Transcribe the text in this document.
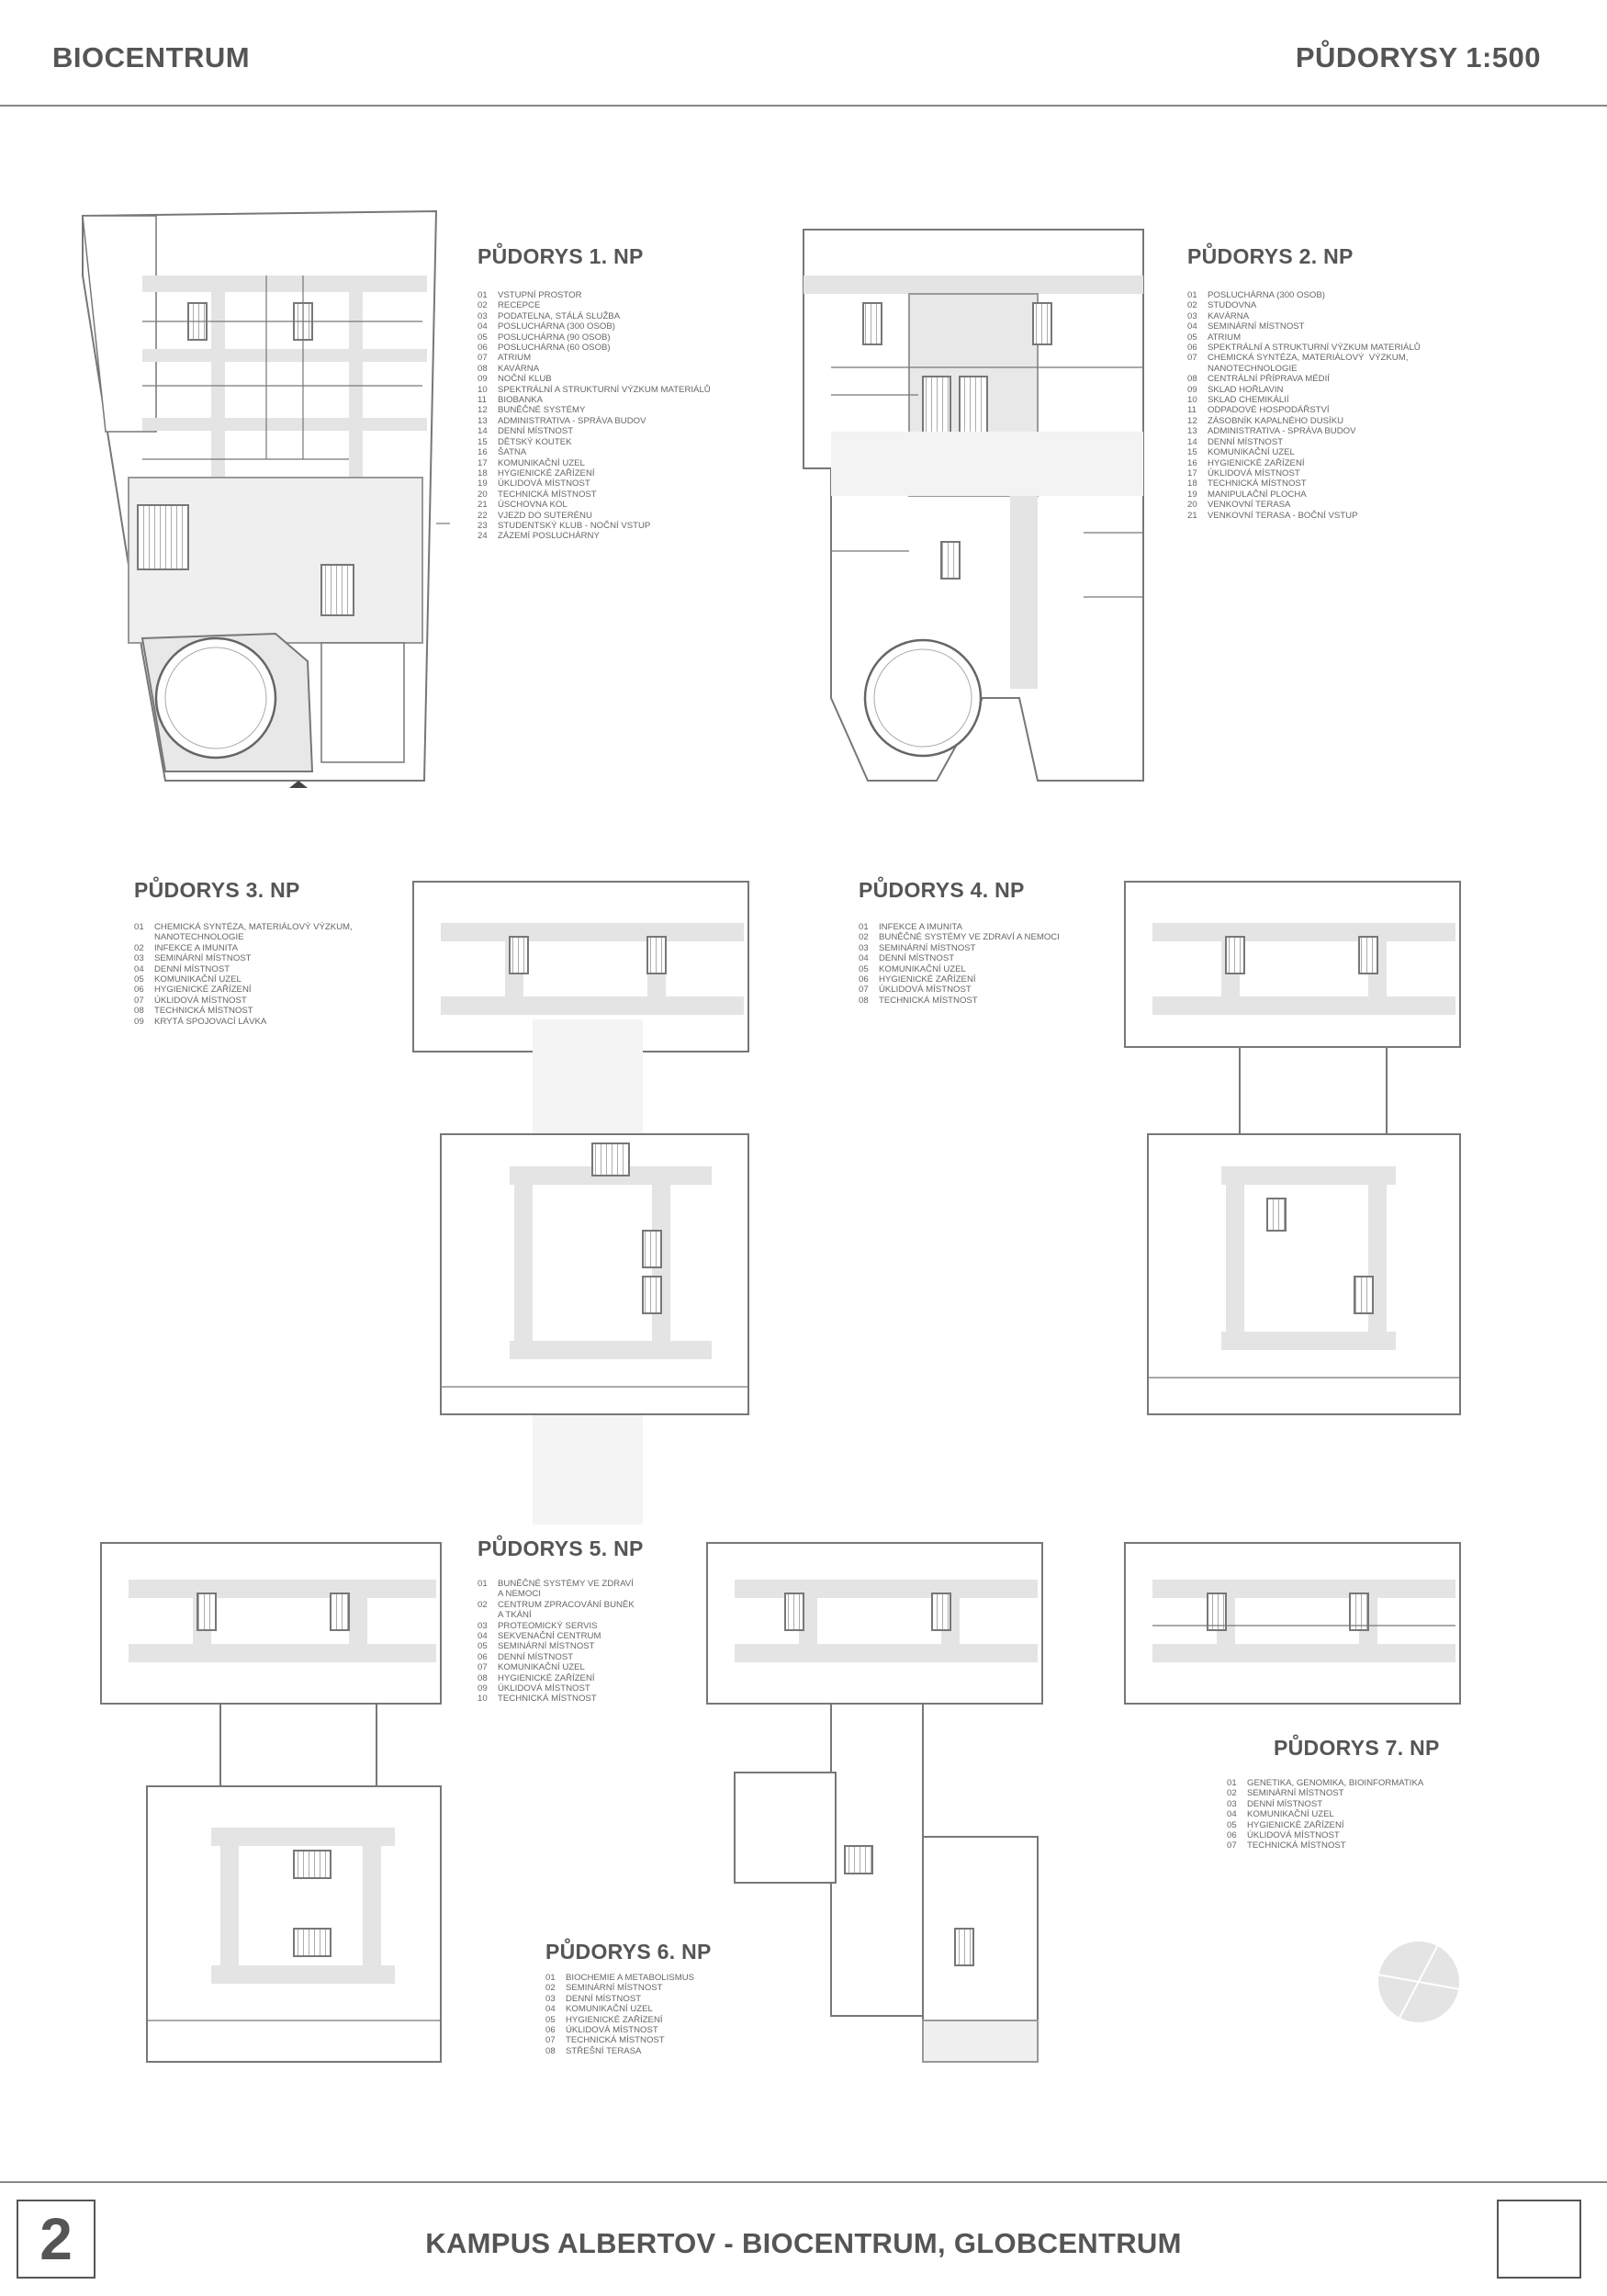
BIOCENTRUM	PŮDORYSY 1:500
PŮDORYS 1. NP
01 VSTUPNÍ PROSTOR
02 RECEPCE
03 PODATELNA, STÁLÁ SLUŽBA
04 POSLUCHÁRNA (300 OSOB)
05 POSLUCHÁRNA (90 OSOB)
06 POSLUCHÁRNA (60 OSOB)
07 ATRIUM
08 KAVÁRNA
09 NOČNÍ KLUB
10 SPEKTRÁLNÍ A STRUKTURNÍ VÝZKUM MATERIÁLŮ
11 BIOBANKA
12 BUNĚČNÉ SYSTÉMY
13 ADMINISTRATIVA - SPRÁVA BUDOV
14 DENNÍ MÍSTNOST
15 DĚTSKÝ KOUTEK
16 ŠATNA
17 KOMUNIKAČNÍ UZEL
18 HYGIENICKÉ ZAŘÍZENÍ
19 ÚKLIDOVÁ MÍSTNOST
20 TECHNICKÁ MÍSTNOST
21 ÚSCHOVNA KOL
22 VJEZD DO SUTERÉNU
23 STUDENTSKÝ KLUB - NOČNÍ VSTUP
24 ZÁZEMÍ POSLUCHÁRNY
PŮDORYS 2. NP
01 POSLUCHÁRNA (300 OSOB)
02 STUDOVNA
03 KAVÁRNA
04 SEMINÁRNÍ MÍSTNOST
05 ATRIUM
06 SPEKTRÁLNÍ A STRUKTURNÍ VÝZKUM MATERIÁLŮ
07 CHEMICKÁ SYNTÉZA, MATERIÁLOVÝ  VÝZKUM,
NANOTECHNOLOGIE
08 CENTRÁLNÍ PŘÍPRAVA MÉDIÍ
09 SKLAD HOŘLAVIN
10 SKLAD CHEMIKÁLIÍ
11 ODPADOVÉ HOSPODÁŘSTVÍ
12 ZÁSOBNÍK KAPALNÉHO DUSÍKU
13 ADMINISTRATIVA - SPRÁVA BUDOV
14 DENNÍ MÍSTNOST
15 KOMUNIKAČNÍ UZEL
16 HYGIENICKÉ ZAŘÍZENÍ
17 ÚKLIDOVÁ MÍSTNOST
18 TECHNICKÁ MÍSTNOST
19 MANIPULAČNÍ PLOCHA
20 VENKOVNÍ TERASA
21 VENKOVNÍ TERASA - BOČNÍ VSTUP
PŮDORYS 3. NP
01 CHEMICKÁ SYNTÉZA, MATERIÁLOVÝ VÝZKUM,
NANOTECHNOLOGIE
02 INFEKCE A IMUNITA
03 SEMINÁRNÍ MÍSTNOST
04 DENNÍ MÍSTNOST
05 KOMUNIKAČNÍ UZEL
06 HYGIENICKÉ ZAŘÍZENÍ
07 ÚKLIDOVÁ MÍSTNOST
08 TECHNICKÁ MÍSTNOST
09 KRYTÁ SPOJOVACÍ LÁVKA
PŮDORYS 4. NP
01 INFEKCE A IMUNITA
02 BUNĚČNÉ SYSTÉMY VE ZDRAVÍ A NEMOCI
03 SEMINÁRNÍ MÍSTNOST
04 DENNÍ MÍSTNOST
05 KOMUNIKAČNÍ UZEL
06 HYGIENICKÉ ZAŘÍZENÍ
07 ÚKLIDOVÁ MÍSTNOST
08 TECHNICKÁ MÍSTNOST
PŮDORYS 5. NP
01 BUNĚČNÉ SYSTÉMY VE ZDRAVÍ
A NEMOCI
02 CENTRUM ZPRACOVÁNÍ BUNĚK
A TKÁNÍ
03 PROTEOMICKÝ SERVIS
04 SEKVENAČNÍ CENTRUM
05 SEMINÁRNÍ MÍSTNOST
06 DENNÍ MÍSTNOST
07 KOMUNIKAČNÍ UZEL
08 HYGIENICKÉ ZAŘÍZENÍ
09 ÚKLIDOVÁ MÍSTNOST
10 TECHNICKÁ MÍSTNOST
PŮDORYS 6. NP
01 BIOCHEMIE A METABOLISMUS
02 SEMINÁRNÍ MÍSTNOST
03 DENNÍ MÍSTNOST
04 KOMUNIKAČNÍ UZEL
05 HYGIENICKÉ ZAŘÍZENÍ
06 ÚKLIDOVÁ MÍSTNOST
07 TECHNICKÁ MÍSTNOST
08 STŘEŠNÍ TERASA
PŮDORYS 7. NP
01 GENETIKA, GENOMIKA, BIOINFORMATIKA
02 SEMINÁRNÍ MÍSTNOST
03 DENNÍ MÍSTNOST
04 KOMUNIKAČNÍ UZEL
05 HYGIENICKÉ ZAŘÍZENÍ
06 ÚKLIDOVÁ MÍSTNOST
07 TECHNICKÁ MÍSTNOST
2	KAMPUS ALBERTOV - BIOCENTRUM, GLOBCENTRUM
